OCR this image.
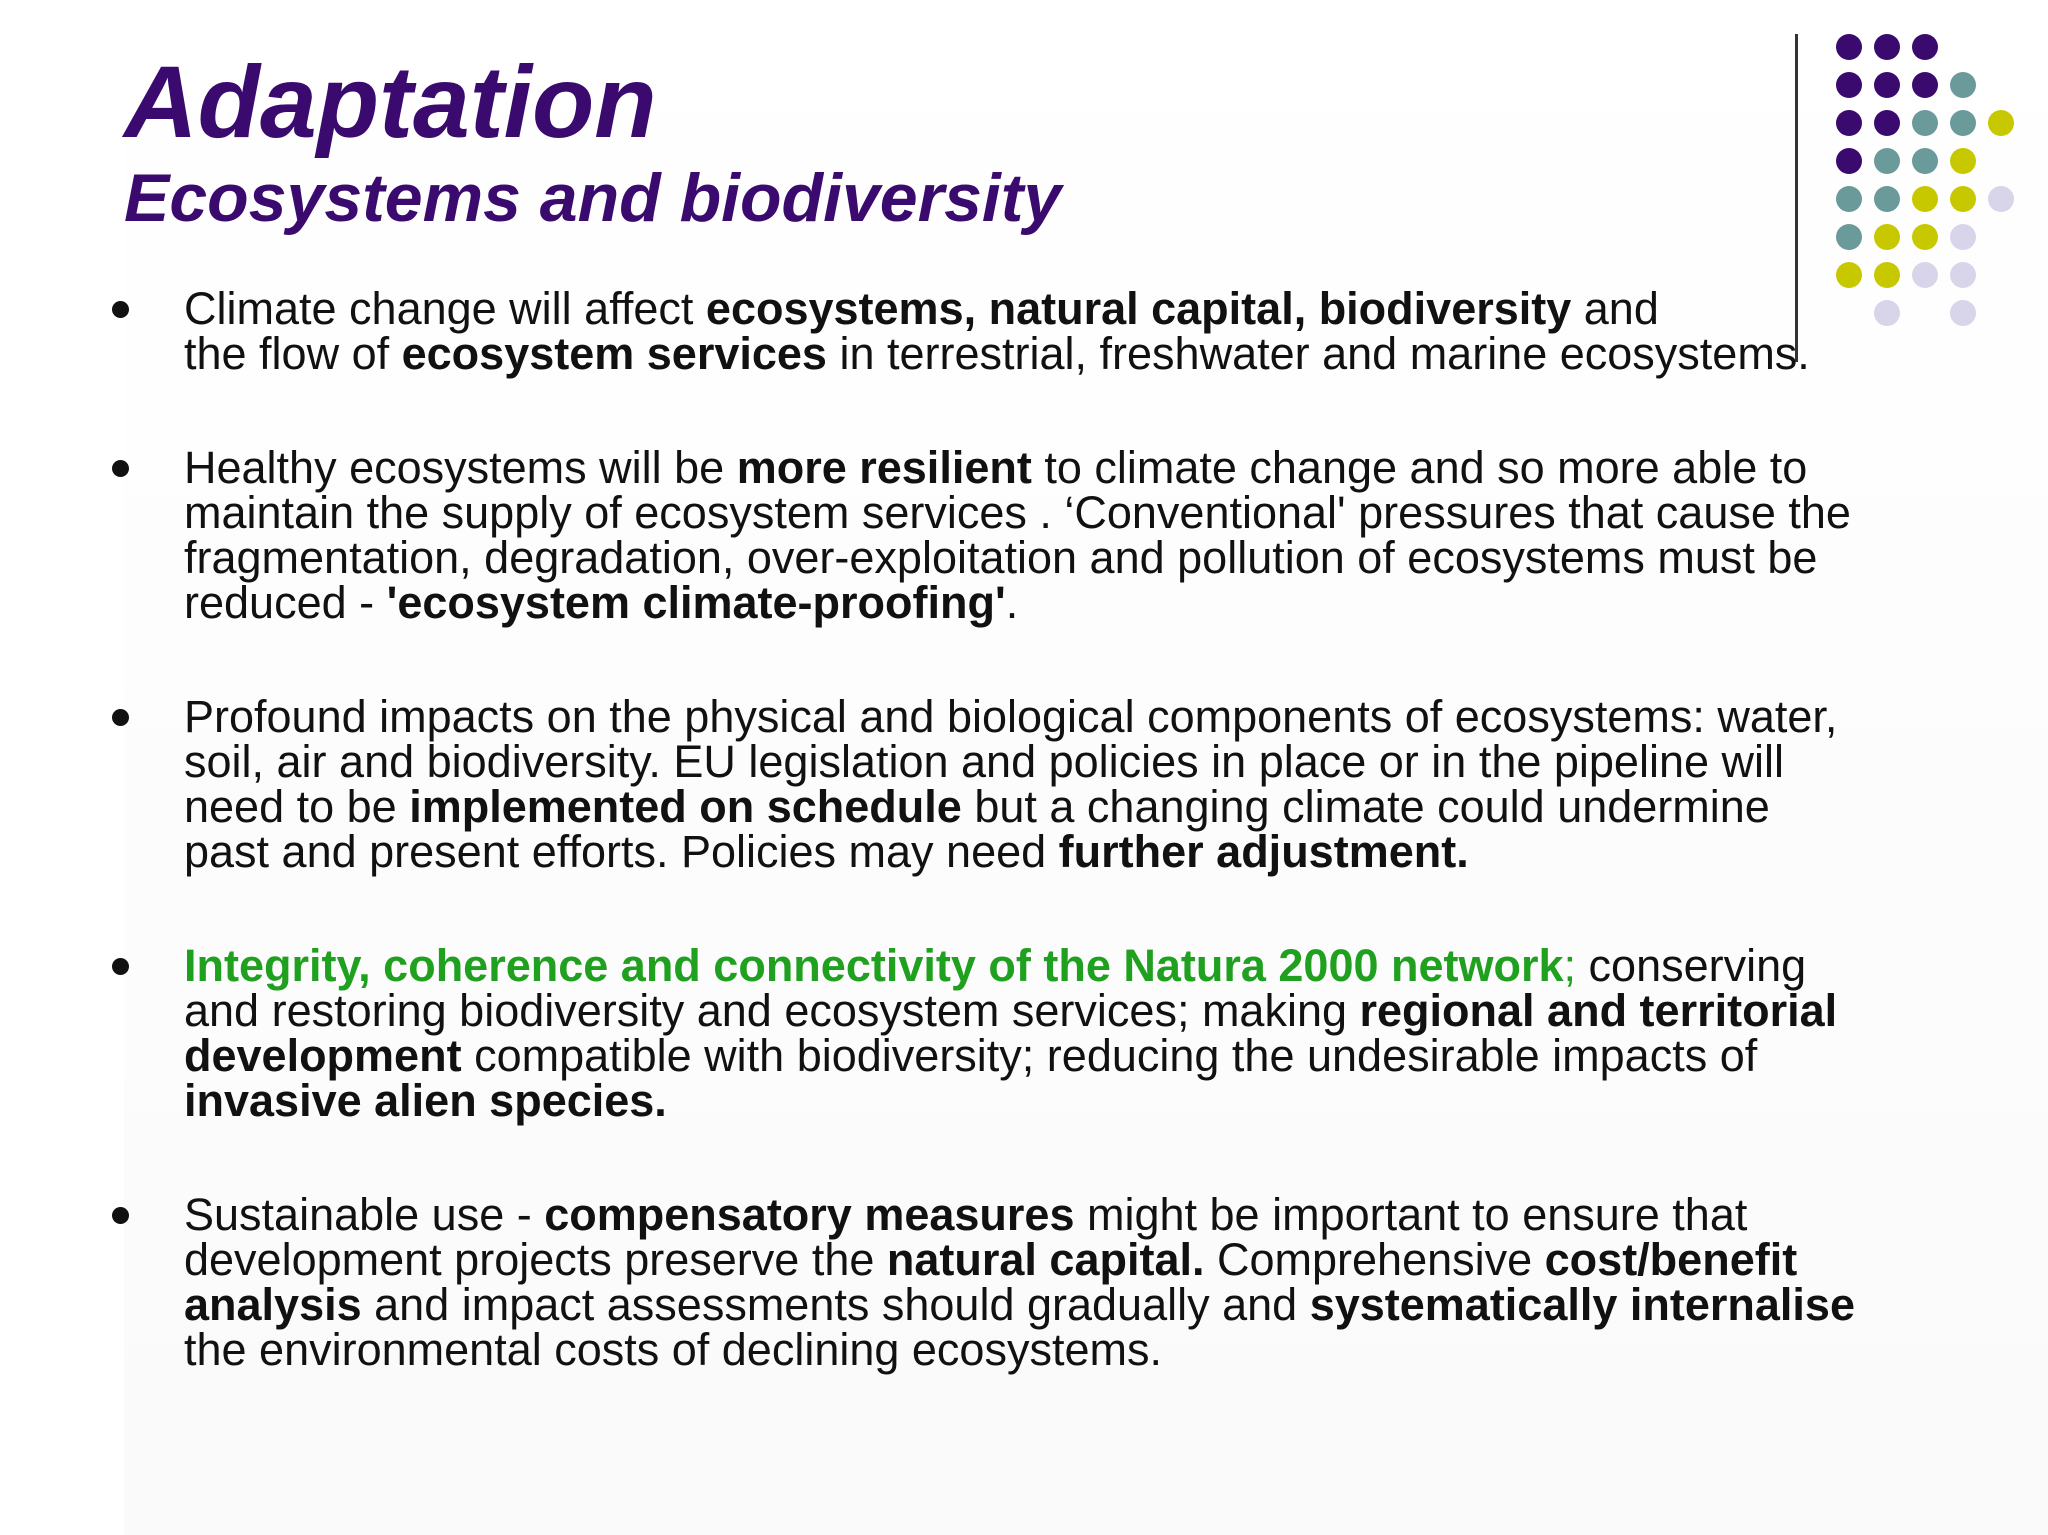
Adaptation
Ecosystems and biodiversity
Climate change will affect ecosystems, natural capital, biodiversity and
the flow of ecosystem services in terrestrial, freshwater and marine ecosystems.
Healthy ecosystems will be more resilient to climate change and so more able to
maintain the supply of ecosystem services . ‘Conventional' pressures that cause the
fragmentation, degradation, over-exploitation and pollution of ecosystems must be
reduced - 'ecosystem climate-proofing'.
Profound impacts on the physical and biological components of ecosystems: water,
soil, air and biodiversity. EU legislation and policies in place or in the pipeline will
need to be implemented on schedule but a changing climate could undermine
past and present efforts. Policies may need further adjustment.
Integrity, coherence and connectivity of the Natura 2000 network; conserving
and restoring biodiversity and ecosystem services; making regional and territorial
development compatible with biodiversity; reducing the undesirable impacts of
invasive alien species.
Sustainable use - compensatory measures might be important to ensure that
development projects preserve the natural capital. Comprehensive cost/benefit
analysis and impact assessments should gradually and systematically internalise
the environmental costs of declining ecosystems.
